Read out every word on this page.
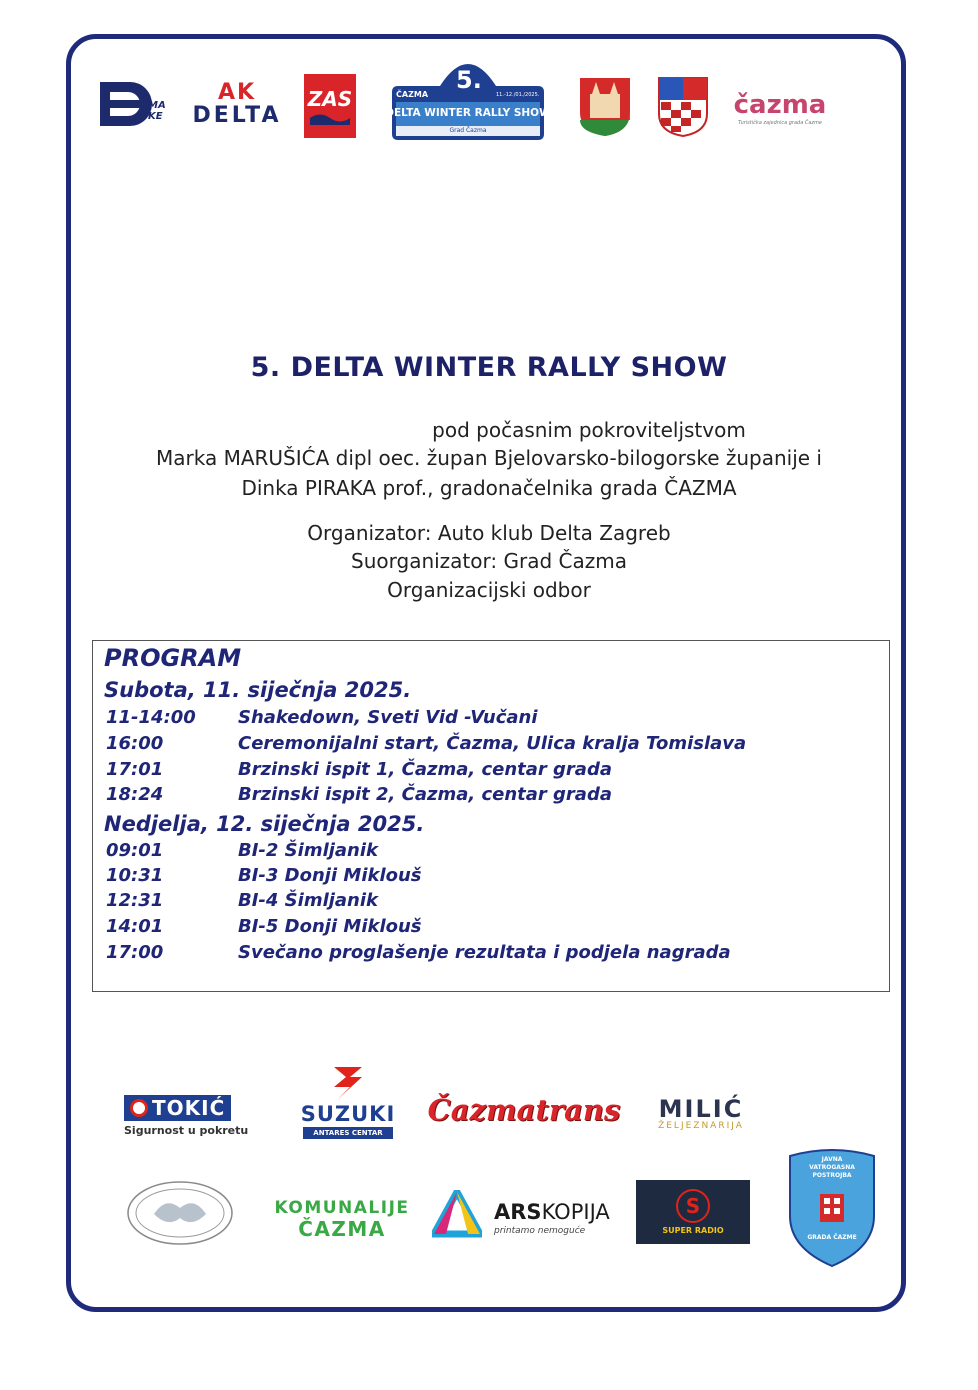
MA KE
AK
DELTA
ZAS
5.
ČAZMA	11.-12./01./2025.
DELTA WINTER RALLY SHOW
Grad Čazma
čazma
Turistička zajednica grada Čazme
5. DELTA WINTER RALLY SHOW
pod počasnim pokroviteljstvom
Marka MARUŠIĆA dipl oec. župan Bjelovarsko-bilogorske županije i
Dinka PIRAKA prof., gradonačelnika grada ČAZMA
Organizator: Auto klub Delta Zagreb
Suorganizator: Grad Čazma
Organizacijski odbor
PROGRAM
Subota, 11. siječnja 2025.
11-14:00 Shakedown, Sveti Vid -Vučani
16:00	Ceremonijalni start, Čazma, Ulica kralja Tomislava
17:01	Brzinski ispit 1, Čazma, centar grada
18:24	Brzinski ispit 2, Čazma, centar grada
Nedjelja, 12. siječnja 2025.
09:01	BI-2 Šimljanik
10:31	BI-3 Donji Miklouš
12:31	BI-4 Šimljanik
14:01	BI-5 Donji Miklouš
17:00	Svečano proglašenje rezultata i podjela nagrada
TOKIĆ
Sigurnost u pokretu
SUZUKI
ANTARES CENTAR
Čazmatrans MILIĆ
ŽELJEZNARIJA
KOMUNALIJE
ČAZMA
ARSKOPIJA
printamo nemoguće
S
SUPER RADIO
JAVNA VATROGASNA POSTROJBA
GRADA ČAZME
